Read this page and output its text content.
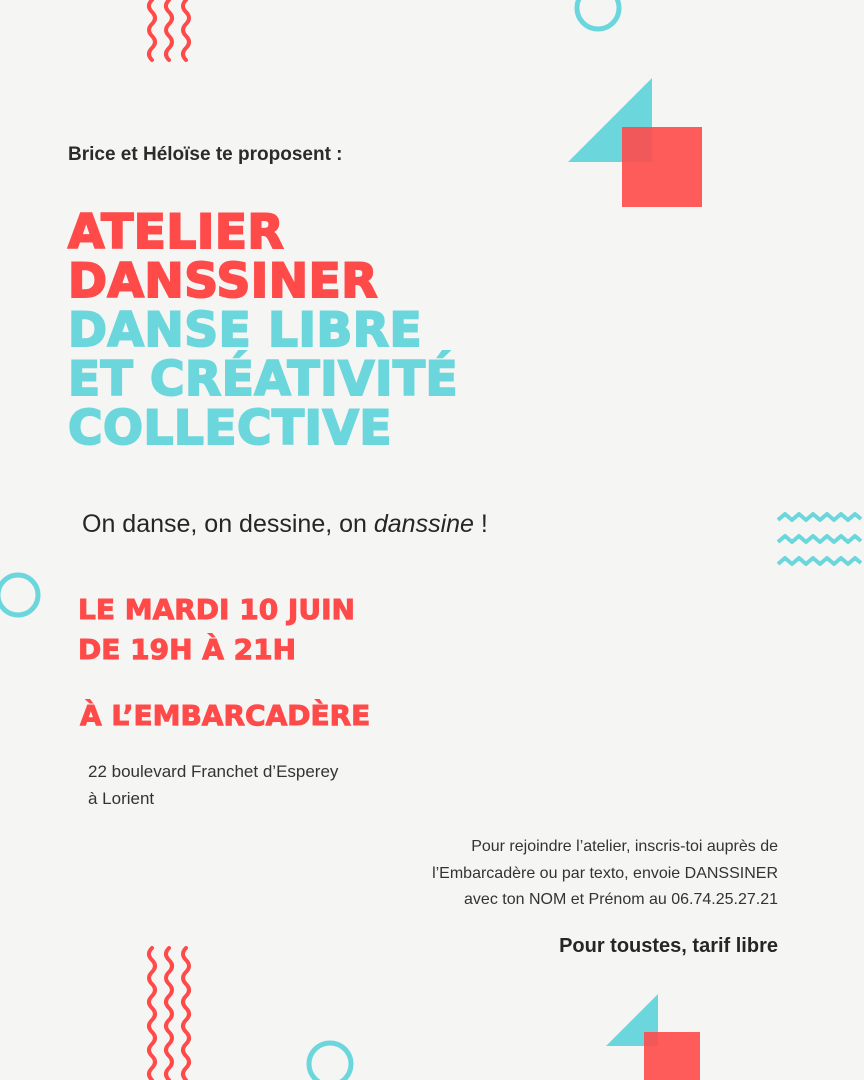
Brice et Héloïse te proposent :
ATELIER
DANSSINER
DANSE LIBRE
ET CRÉATIVITÉ
COLLECTIVE
On danse, on dessine, on danssine !
LE MARDI 10 JUIN
DE 19H À 21H
À L’EMBARCADÈRE
22 boulevard Franchet d’Esperey
à Lorient
Pour rejoindre l’atelier, inscris-toi auprès de
l’Embarcadère ou par texto, envoie DANSSINER
avec ton NOM et Prénom au 06.74.25.27.21
Pour toustes, tarif libre
